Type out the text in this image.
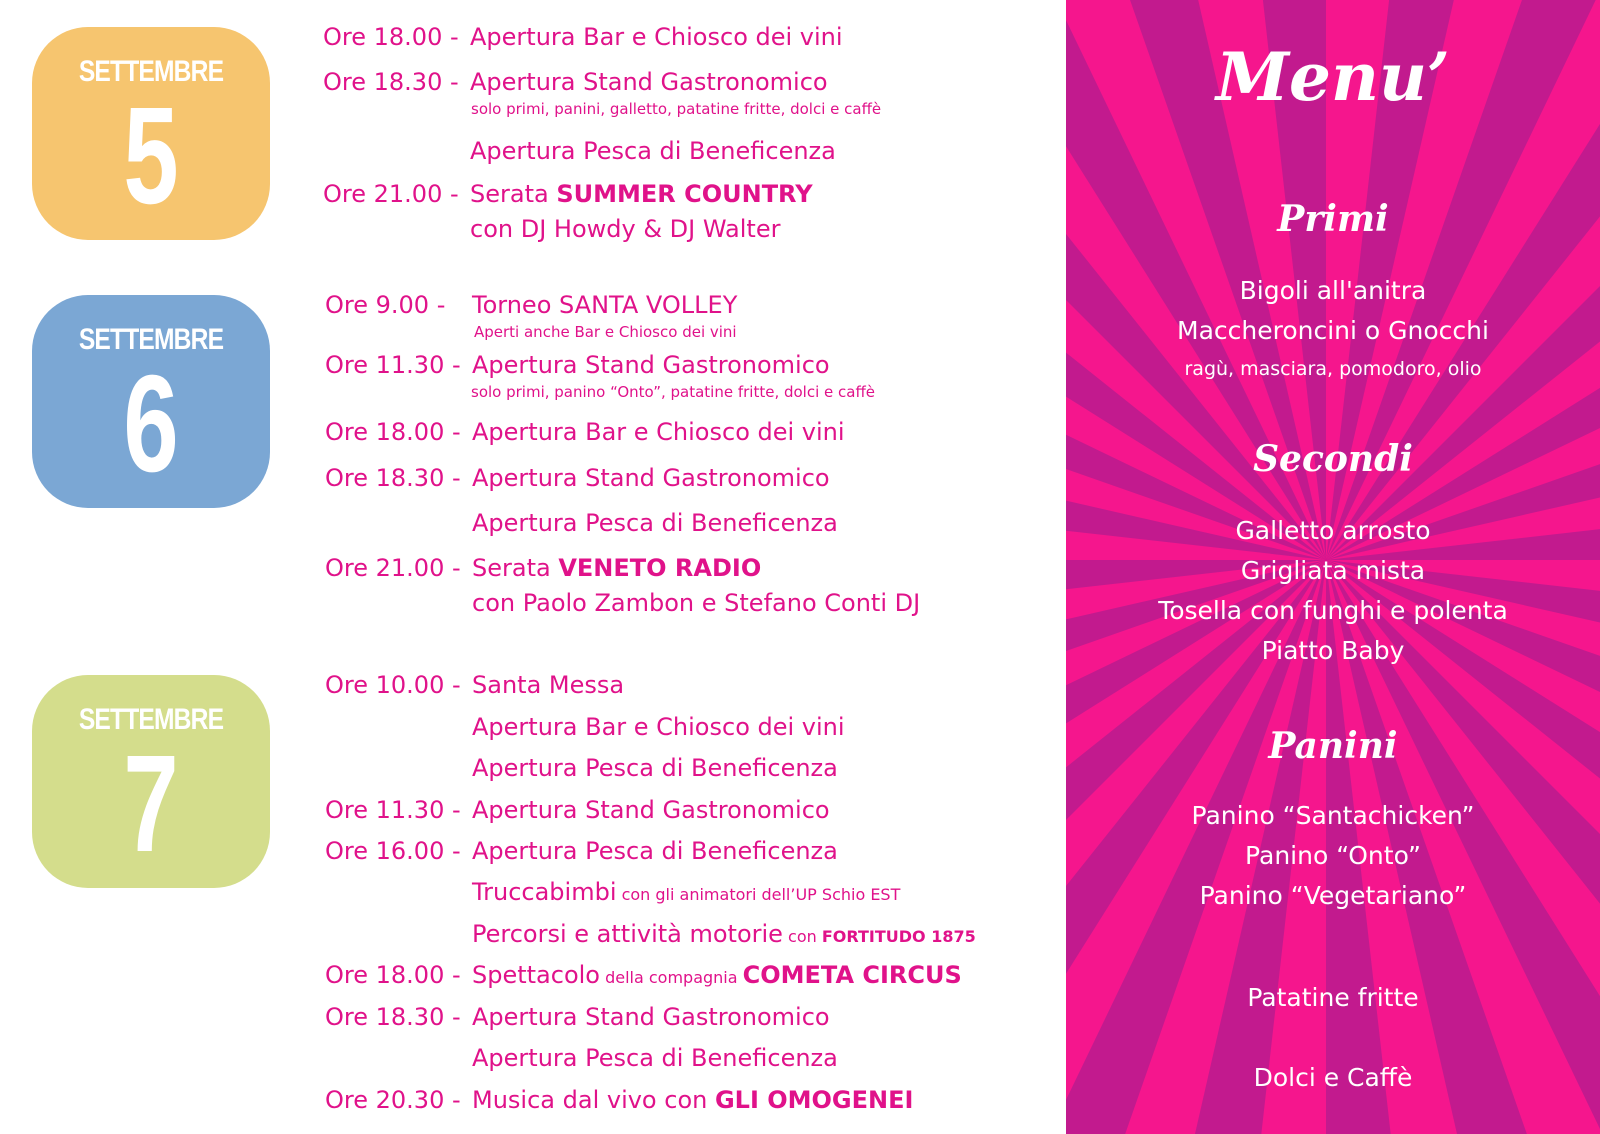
SETTEMBRE
5
Ore 18.00 - Apertura Bar e Chiosco dei vini
Ore 18.30 - Apertura Stand Gastronomico
solo primi, panini, galletto, patatine fritte, dolci e caffè
Apertura Pesca di Beneficenza
Ore 21.00 - Serata SUMMER COUNTRY
con DJ Howdy & DJ Walter
SETTEMBRE
6
Ore 9.00 - Torneo SANTA VOLLEY
Aperti anche Bar e Chiosco dei vini
Ore 11.30 - Apertura Stand Gastronomico
solo primi, panino “Onto”, patatine fritte, dolci e caffè
Ore 18.00 - Apertura Bar e Chiosco dei vini
Ore 18.30 - Apertura Stand Gastronomico
Apertura Pesca di Beneficenza
Ore 21.00 - Serata VENETO RADIO
con Paolo Zambon e Stefano Conti DJ
SETTEMBRE
7
Ore 10.00 - Santa Messa
Apertura Bar e Chiosco dei vini
Apertura Pesca di Beneficenza
Ore 11.30 - Apertura Stand Gastronomico
Ore 16.00 - Apertura Pesca di Beneficenza
Truccabimbi con gli animatori dell’UP Schio EST
Percorsi e attività motorie con FORTITUDO 1875
Ore 18.00 - Spettacolo della compagnia COMETA CIRCUS
Ore 18.30 - Apertura Stand Gastronomico
Apertura Pesca di Beneficenza
Ore 20.30 - Musica dal vivo con GLI OMOGENEI
Menu’
Primi
Bigoli all'anitra
Maccheroncini o Gnocchi
ragù, masciara, pomodoro, olio
Secondi
Galletto arrosto
Grigliata mista
Tosella con funghi e polenta
Piatto Baby
Panini
Panino “Santachicken”
Panino “Onto”
Panino “Vegetariano”
Patatine fritte
Dolci e Caffè
